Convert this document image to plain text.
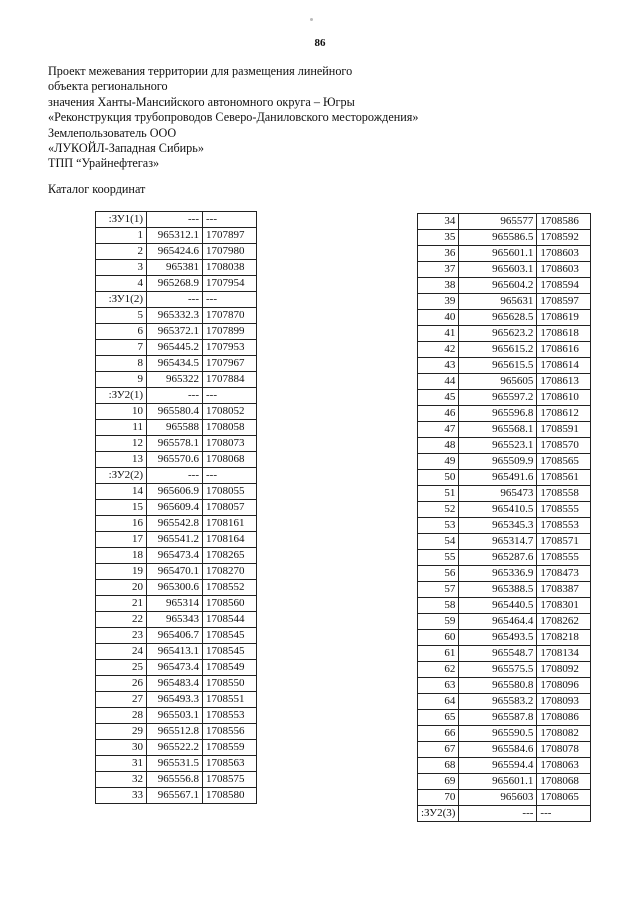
86
Проект межевания территории для размещения линейного
объекта регионального
значения Ханты-Мансийского автономного округа – Югры
«Реконструкция трубопроводов Северо-Даниловского месторождения»
Землепользователь ООО
«ЛУКОЙЛ-Западная Сибирь»
ТПП “Урайнефтегаз»
Каталог координат
:ЗУ1(1)	---	---
1	965312.1	1707897
2	965424.6	1707980
3	965381	1708038
4	965268.9	1707954
:ЗУ1(2)	---	---
5	965332.3	1707870
6	965372.1	1707899
7	965445.2	1707953
8	965434.5	1707967
9	965322	1707884
:ЗУ2(1)	---	---
10	965580.4	1708052
11	965588	1708058
12	965578.1	1708073
13	965570.6	1708068
:ЗУ2(2)	---	---
14	965606.9	1708055
15	965609.4	1708057
16	965542.8	1708161
17	965541.2	1708164
18	965473.4	1708265
19	965470.1	1708270
20	965300.6	1708552
21	965314	1708560
22	965343	1708544
23	965406.7	1708545
24	965413.1	1708545
25	965473.4	1708549
26	965483.4	1708550
27	965493.3	1708551
28	965503.1	1708553
29	965512.8	1708556
30	965522.2	1708559
31	965531.5	1708563
32	965556.8	1708575
33	965567.1	1708580
34	965577	1708586
35	965586.5	1708592
36	965601.1	1708603
37	965603.1	1708603
38	965604.2	1708594
39	965631	1708597
40	965628.5	1708619
41	965623.2	1708618
42	965615.2	1708616
43	965615.5	1708614
44	965605	1708613
45	965597.2	1708610
46	965596.8	1708612
47	965568.1	1708591
48	965523.1	1708570
49	965509.9	1708565
50	965491.6	1708561
51	965473	1708558
52	965410.5	1708555
53	965345.3	1708553
54	965314.7	1708571
55	965287.6	1708555
56	965336.9	1708473
57	965388.5	1708387
58	965440.5	1708301
59	965464.4	1708262
60	965493.5	1708218
61	965548.7	1708134
62	965575.5	1708092
63	965580.8	1708096
64	965583.2	1708093
65	965587.8	1708086
66	965590.5	1708082
67	965584.6	1708078
68	965594.4	1708063
69	965601.1	1708068
70	965603	1708065
:ЗУ2(3)	---	---
